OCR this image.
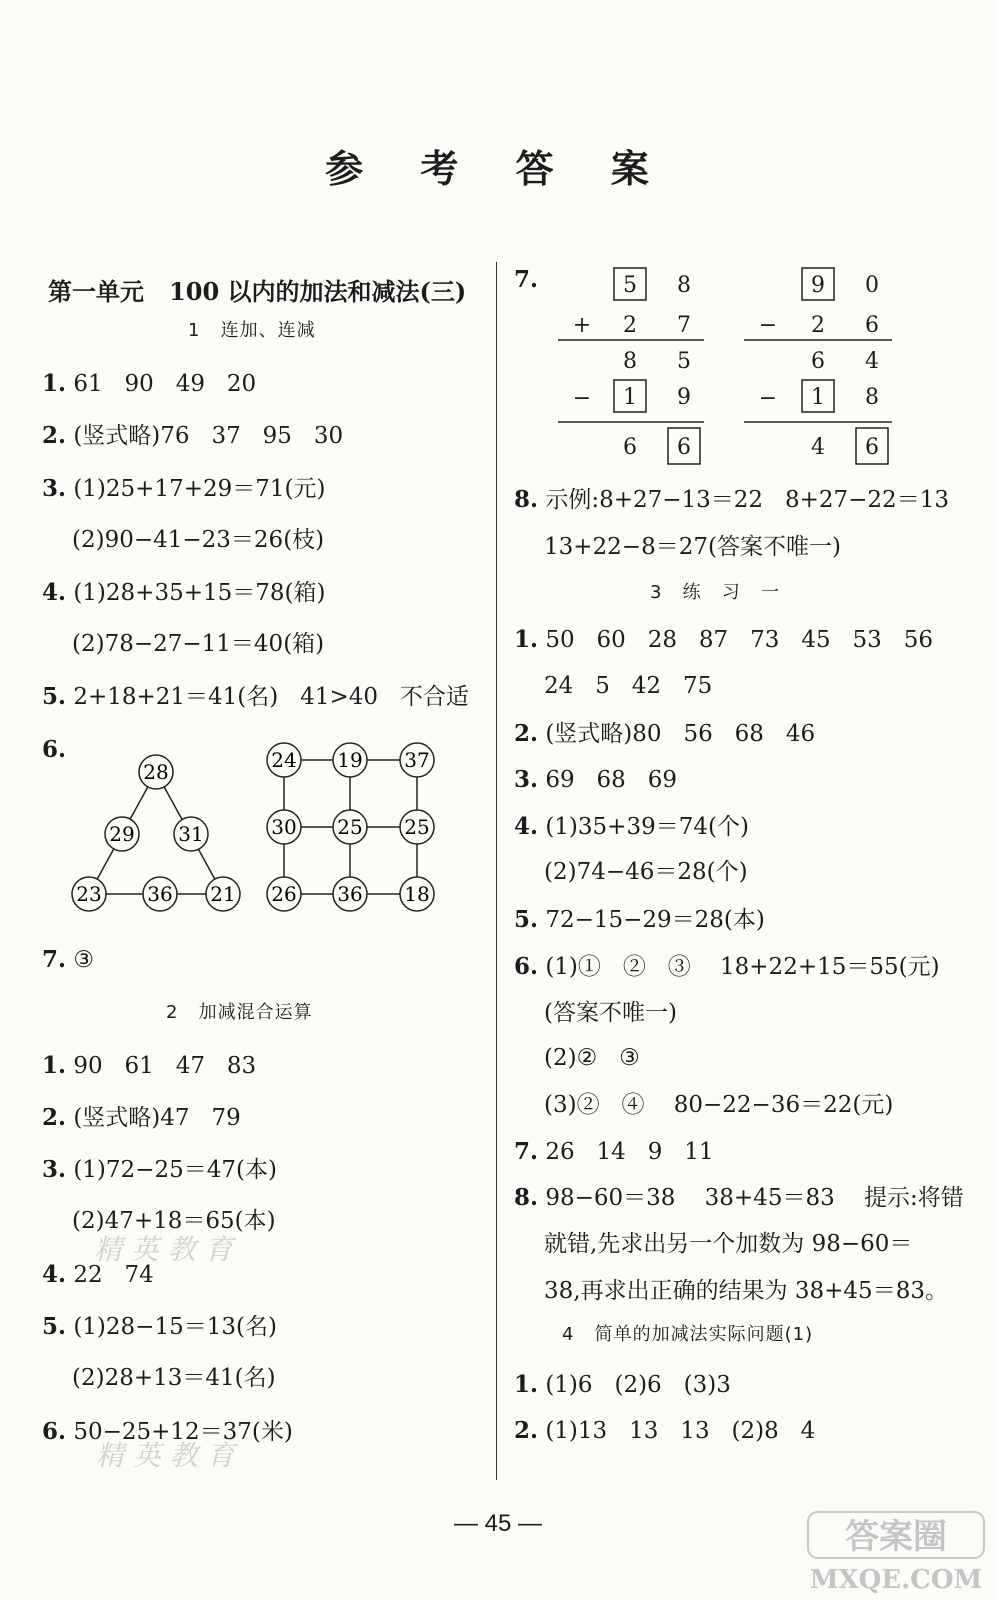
参 考 答 案
第一单元   100 以内的加法和减法(三)
1   连加、连减
1. 61   90   49   20
2. (竖式略)76   37   95   30
3. (1)25+17+29＝71(元)
(2)90−41−23＝26(枝)
4. (1)28+35+15＝78(箱)
(2)78−27−11＝40(箱)
5. 2+18+21＝41(名)   41>40   不合适
6.
28
29 31
23 36 21
24 19 37
30 25 25
26 36 18
7. ③
2   加减混合运算
1. 90   61   47   83
2. (竖式略)47   79
3. (1)72−25＝47(本)
(2)47+18＝65(本)
4. 22   74
5. (1)28−15＝13(名)
(2)28+13＝41(名)
6. 50−25+12＝37(米)
7.	5 8
+ 2 7
8 5
− 1 9
6 6
9 0
− 2 6
6 4
− 1 8
4 6
8. 示例:8+27−13＝22   8+27−22＝13
13+22−8＝27(答案不唯一)
3   练   习   一
1. 50   60   28   87   73   45   53   56
24   5   42   75
2. (竖式略)80   56   68   46
3. 69   68   69
4. (1)35+39＝74(个)
(2)74−46＝28(个)
5. 72−15−29＝28(本)
6. (1)①   ②   ③    18+22+15＝55(元)
(答案不唯一)
(2)②   ③
(3)②   ④    80−22−36＝22(元)
7. 26   14   9   11
8. 98−60＝38    38+45＝83    提示:将错
就错,先求出另一个加数为 98−60＝
38,再求出正确的结果为 38+45＝83。
4   简单的加减法实际问题(1)
1. (1)6   (2)6   (3)3
2. (1)13   13   13   (2)8   4
— 45 —
精 英 教 育
精 英 教 育
答案圈
MXQE.COM
